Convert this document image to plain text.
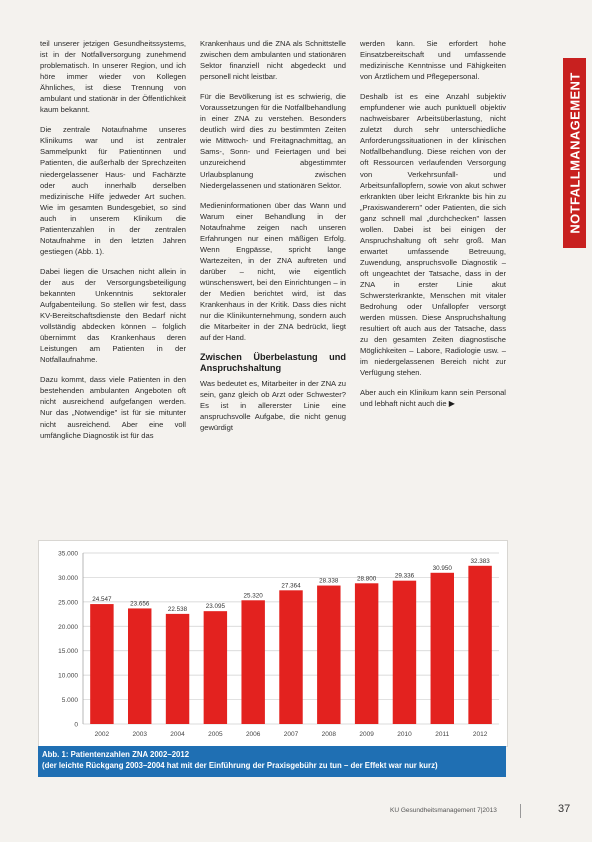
teil unserer jetzigen Gesundheitssystems, ist in der Notfallversorgung zunehmend problematisch. In unserer Region, und ich höre immer wieder von Kollegen Ähnliches, ist diese Trennung von ambulant und stationär in der Öffentlichkeit kaum bekannt.

Die zentrale Notaufnahme unseres Klinikums war und ist zentraler Sammelpunkt für Patientinnen und Patienten, die außerhalb der Sprechzeiten niedergelassener Haus- und Fachärzte oder auch innerhalb derselben medizinische Hilfe jedweder Art suchen. Wie im gesamten Bundesgebiet, so sind auch in unserem Klinikum die Patientenzahlen in der zentralen Notaufnahme in den letzten Jahren gestiegen (Abb. 1).

Dabei liegen die Ursachen nicht allein in der aus der Versorgungsbeteiligung bekannten Unkenntnis sektoraler Aufgabenteilung. So stellen wir fest, dass KV-Bereitschaftsdienste den Bedarf nicht vollständig abdecken können – folglich übernimmt das Krankenhaus deren Leistungen am Patienten in der Notfallaufnahme.

Dazu kommt, dass viele Patienten in den bestehenden ambulanten Angeboten oft nicht ausreichend aufgefangen werden. Nur das „Notwendige" ist für sie mitunter nicht ausreichend. Aber eine voll umfängliche Diagnostik ist für das

Krankenhaus und die ZNA als Schnittstelle zwischen dem ambulanten und stationären Sektor finanziell nicht abgedeckt und personell nicht leistbar.

Für die Bevölkerung ist es schwierig, die Voraussetzungen für die Notfallbehandlung in einer ZNA zu verstehen. Besonders deutlich wird dies zu bestimmten Zeiten wie Mittwoch- und Freitagnachmittag, an Sams-, Sonn- und Feiertagen und bei unzureichend abgestimmter Urlaubsplanung zwischen Niedergelassenen und stationären Sektor.

Medieninformationen über das Wann und Warum einer Behandlung in der Notaufnahme zeigen nach unseren Erfahrungen nur einen mäßigen Erfolg. Wenn Engpässe, spricht lange Wartezeiten, in der ZNA auftreten und darüber – nicht, wie eigentlich wünschenswert, bei den Einrichtungen – in der Medien berichtet wird, ist das Krankenhaus in der Kritik. Dass dies nicht nur die Klinikunternehmung, sondern auch die Mitarbeiter in der ZNA bedrückt, liegt auf der Hand.

Zwischen Überbelastung und Anspruchshaltung

Was bedeutet es, Mitarbeiter in der ZNA zu sein, ganz gleich ob Arzt oder Schwester? Es ist in allererster Linie eine anspruchsvolle Aufgabe, die nicht genug gewürdigt

werden kann. Sie erfordert hohe Einsatzbereitschaft und umfassende medizinische Kenntnisse und Fähigkeiten von Ärztlichem und Pflegepersonal.

Deshalb ist es eine Anzahl subjektiv empfundener wie auch punktuell objektiv nachweisbarer Arbeitsüberlastung, nicht zuletzt durch sehr unterschiedliche Anforderungssituationen in der klinischen Notfallbehandlung. Diese reichen von der oft Ressourcen verlaufenden Versorgung von Verkehrsunfall- und Arbeitsunfallopfern, sowie von akut schwer erkrankten über leicht Erkrankte bis hin zu „Praxiswanderern" oder Patienten, die sich ganz schnell mal „durchchecken" lassen wollen. Dabei ist bei einigen der Anspruchshaltung oft sehr groß. Man erwartet umfassende Betreuung, Zuwendung, anspruchsvolle Diagnostik – oft ungeachtet der Tatsache, dass in der ZNA in erster Linie akut Schwersterkrankte, Menschen mit vitaler Bedrohung oder Unfallopfer versorgt werden müssen. Diese Anspruchshaltung resultiert oft auch aus der Tatsache, dass zu den gesamten Zeiten diagnostische Möglichkeiten – Labore, Radiologie usw. – im niedergelassenen Bereich nicht zur Verfügung stehen.

Aber auch ein Klinikum kann sein Personal und lebhaft nicht auch die ▶

NOTFALLMANAGEMENT
0
5.000
10.000
15.000
20.000
25.000
30.000
35.000
24.547
2002
23.656
2003
22.538
2004
23.095
2005
25.320
2006
27.364
2007
28.338
2008
28.800
2009
29.336
2010
30.950
2011
32.383
2012
Abb. 1: Patientenzahlen ZNA 2002–2012
(der leichte Rückgang 2003–2004 hat mit der Einführung der Praxisgebühr zu tun – der Effekt war nur kurz)
KU Gesundheitsmanagement 7|2013	37
